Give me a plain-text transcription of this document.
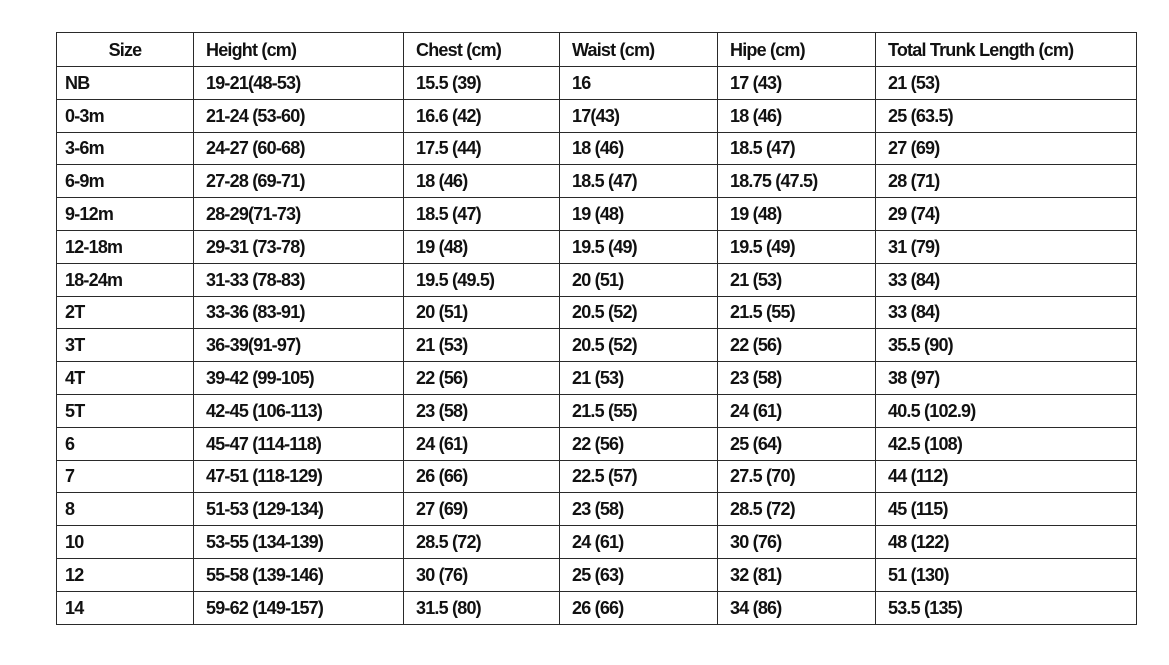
Size	Height (cm)	Chest (cm)	Waist (cm)	Hipe (cm)	Total Trunk Length (cm)
NB	19-21(48-53)	15.5 (39)	16	17 (43)	21 (53)
0-3m	21-24 (53-60)	16.6 (42)	17(43)	18 (46)	25 (63.5)
3-6m	24-27 (60-68)	17.5 (44)	18 (46)	18.5 (47)	27 (69)
6-9m	27-28 (69-71)	18 (46)	18.5 (47)	18.75 (47.5)	28 (71)
9-12m	28-29(71-73)	18.5 (47)	19 (48)	19 (48)	29 (74)
12-18m	29-31 (73-78)	19 (48)	19.5 (49)	19.5 (49)	31 (79)
18-24m	31-33 (78-83)	19.5 (49.5)	20 (51)	21 (53)	33 (84)
2T	33-36 (83-91)	20 (51)	20.5 (52)	21.5 (55)	33 (84)
3T	36-39(91-97)	21 (53)	20.5 (52)	22 (56)	35.5 (90)
4T	39-42 (99-105)	22 (56)	21 (53)	23 (58)	38 (97)
5T	42-45 (106-113)	23 (58)	21.5 (55)	24 (61)	40.5 (102.9)
6	45-47 (114-118)	24 (61)	22 (56)	25 (64)	42.5 (108)
7	47-51 (118-129)	26 (66)	22.5 (57)	27.5 (70)	44 (112)
8	51-53 (129-134)	27 (69)	23 (58)	28.5 (72)	45 (115)
10	53-55 (134-139)	28.5 (72)	24 (61)	30 (76)	48 (122)
12	55-58 (139-146)	30 (76)	25 (63)	32 (81)	51 (130)
14	59-62 (149-157)	31.5 (80)	26 (66)	34 (86)	53.5 (135)
